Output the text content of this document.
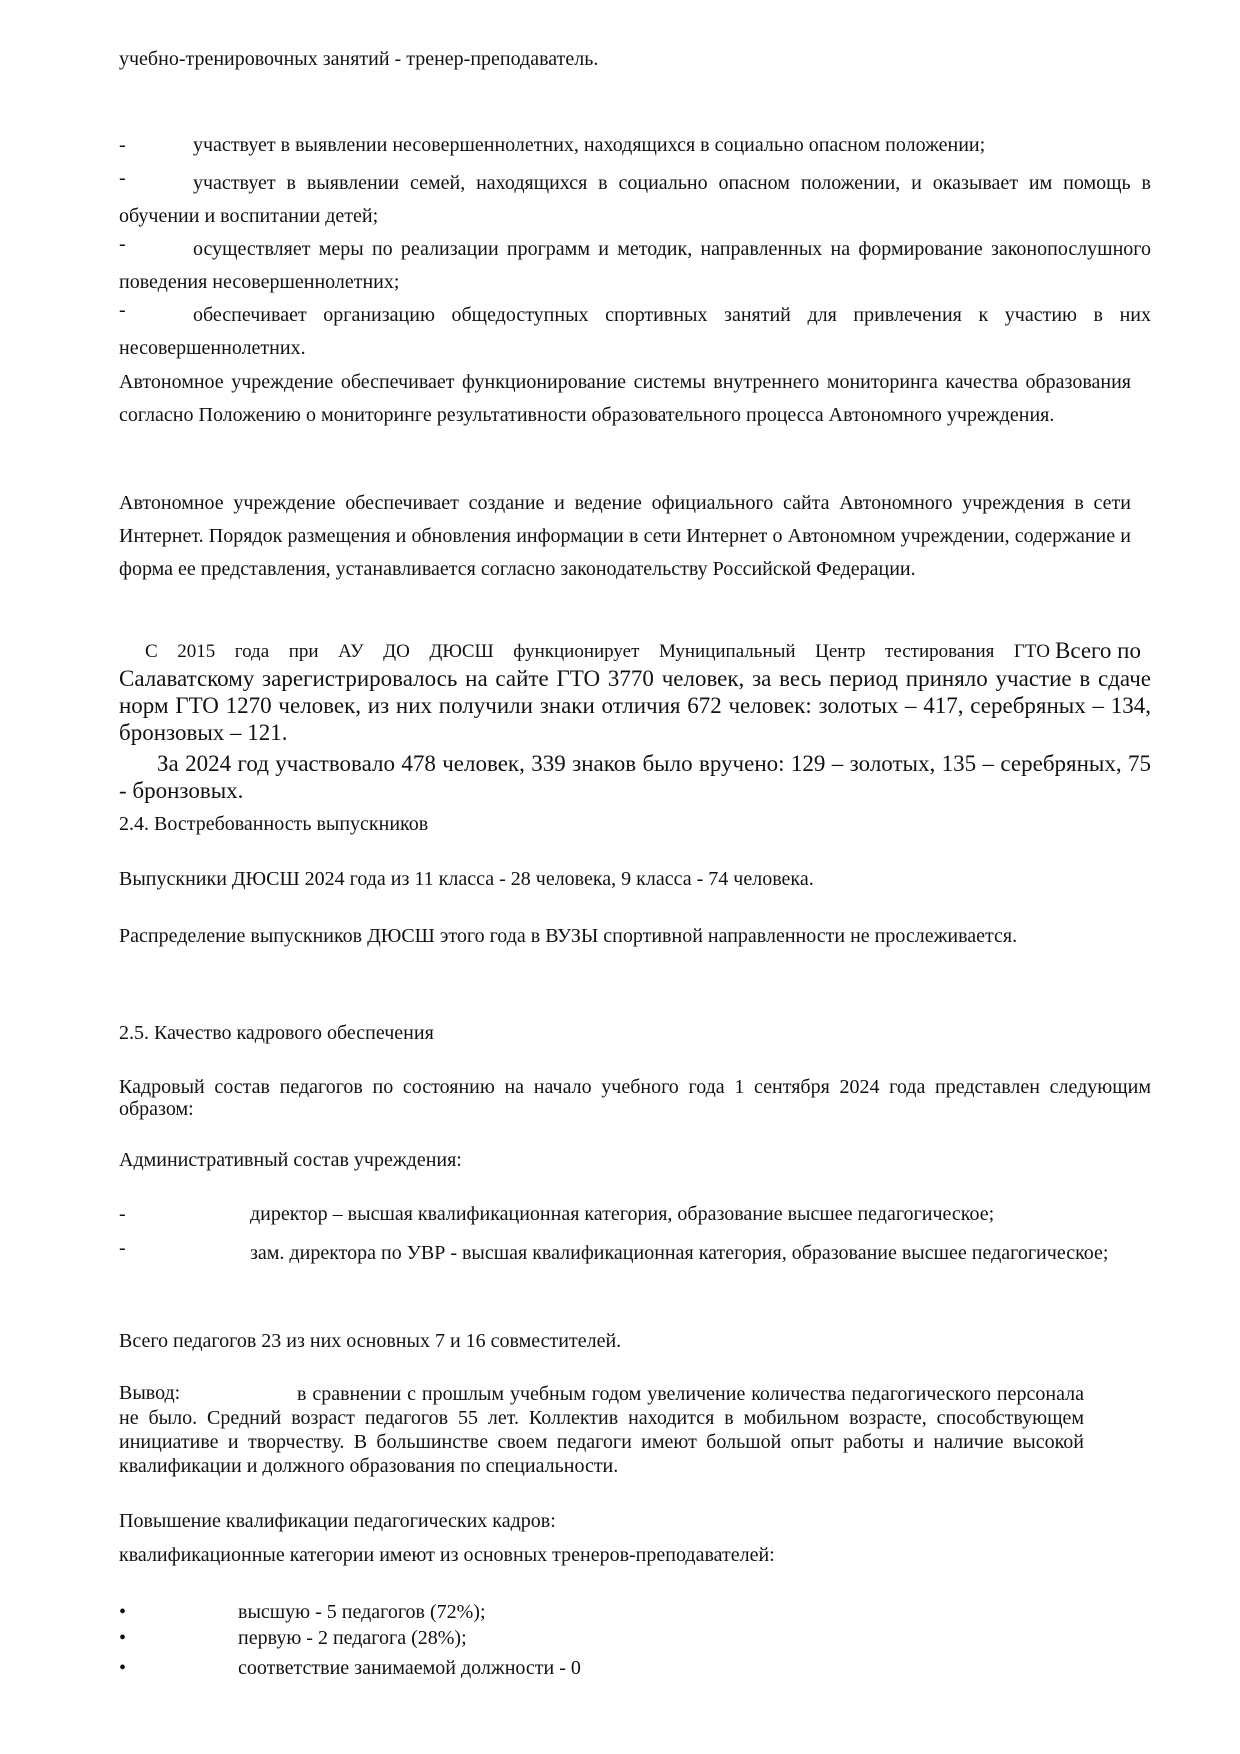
учебно-тренировочных занятий - тренер-преподаватель.

-	участвует в выявлении несовершеннолетних, находящихся в социально опасном положении;

-	участвует в выявлении семей, находящихся в социально опасном положении, и оказывает им помощь в обучении и воспитании детей;

-	осуществляет меры по реализации программ и методик, направленных на формирование законопослушного поведения несовершеннолетних;

-	обеспечивает организацию общедоступных спортивных занятий для привлечения к участию в них несовершеннолетних.

Автономное учреждение обеспечивает функционирование системы внутреннего мониторинга качества образования согласно Положению о мониторинге результативности образовательного процесса Автономного учреждения.

Автономное учреждение обеспечивает создание и ведение официального сайта Автономного учреждения в сети Интернет. Порядок размещения и обновления информации в сети Интернет о Автономном учреждении, содержание и форма ее представления, устанавливается согласно законодательству Российской Федерации.

С 2015 года при АУ ДО ДЮСШ функционирует Муниципальный Центр тестирования ГТО Всего по

Салаватскому зарегистрировалось на сайте ГТО 3770 человек, за весь период приняло участие в сдаче норм ГТО 1270 человек, из них получили знаки отличия 672 человек: золотых – 417, серебряных – 134, бронзовых – 121.

За 2024 год участвовало 478 человек, 339 знаков было вручено: 129 – золотых, 135 – серебряных, 75 - бронзовых.

2.4. Востребованность выпускников

Выпускники ДЮСШ 2024 года из 11 класса - 28 человека, 9 класса - 74 человека.

Распределение выпускников ДЮСШ этого года в ВУЗЫ спортивной направленности не прослеживается.

2.5. Качество кадрового обеспечения

Кадровый состав педагогов по состоянию на начало учебного года 1 сентября 2024 года представлен следующим образом:

Административный состав учреждения:

-	директор – высшая квалификационная категория, образование высшее педагогическое;

-	зам. директора по УВР - высшая квалификационная категория, образование высшее педагогическое;

Всего педагогов 23 из них основных 7 и 16 совместителей.

Вывод:	в сравнении с прошлым учебным годом увеличение количества педагогического персонала не было. Средний возраст педагогов 55 лет. Коллектив находится в мобильном возрасте, способствующем инициативе и творчеству. В большинстве своем педагоги имеют большой опыт работы и наличие высокой квалификации и должного образования по специальности.

Повышение квалификации педагогических кадров:

квалификационные категории имеют из основных тренеров-преподавателей:

•	высшую - 5 педагогов (72%);

•	первую - 2 педагога (28%);

•	соответствие занимаемой должности - 0
